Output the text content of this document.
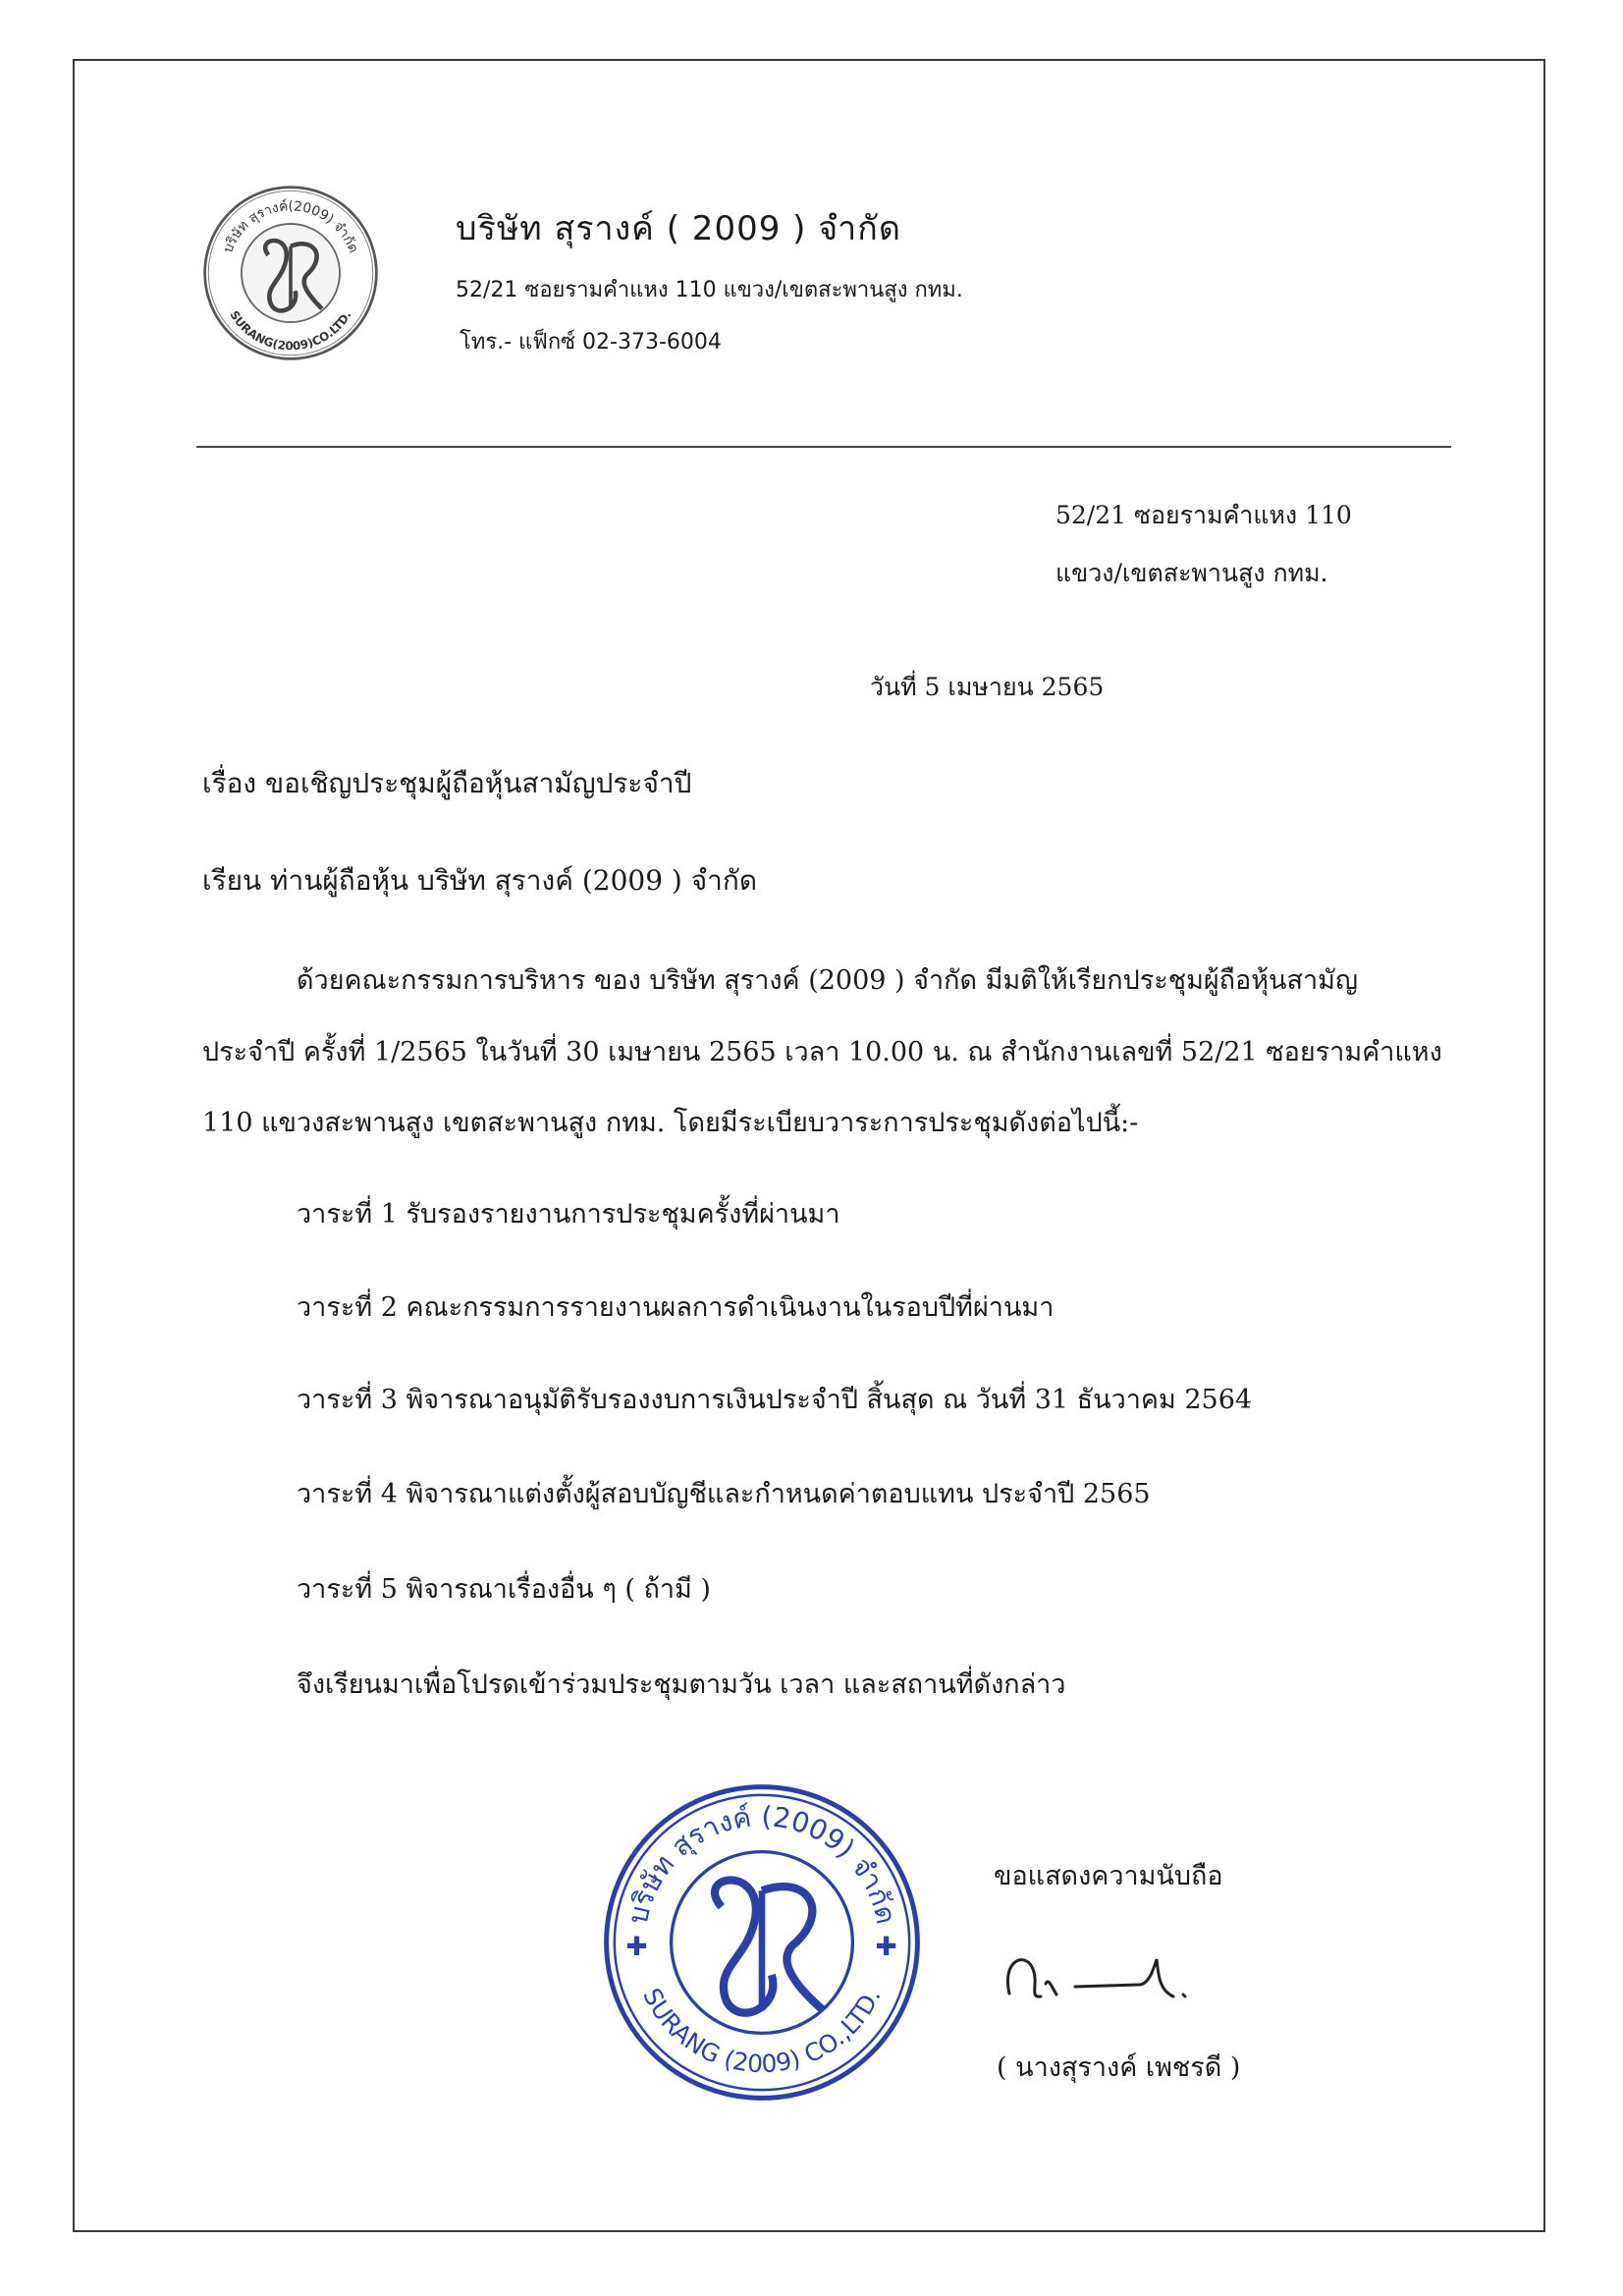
บริษัท สุรางค์(2009) จำกัด
SURANG(2009)CO.LTD.
บริษัท สุรางค์ ( 2009 ) จำกัด
52/21 ซอยรามคำแหง 110 แขวง/เขตสะพานสูง กทม.
โทร.- แฟ็กซ์ 02-373-6004
52/21 ซอยรามคำแหง 110
แขวง/เขตสะพานสูง กทม.
วันที่ 5 เมษายน 2565
เรื่อง ขอเชิญประชุมผู้ถือหุ้นสามัญประจำปี
เรียน ท่านผู้ถือหุ้น บริษัท สุรางค์ (2009 ) จำกัด
ด้วยคณะกรรมการบริหาร ของ บริษัท สุรางค์ (2009 ) จำกัด มีมติให้เรียกประชุมผู้ถือหุ้นสามัญ
ประจำปี ครั้งที่ 1/2565 ในวันที่ 30 เมษายน 2565 เวลา 10.00 น. ณ สำนักงานเลขที่ 52/21 ซอยรามคำแหง
110 แขวงสะพานสูง เขตสะพานสูง กทม. โดยมีระเบียบวาระการประชุมดังต่อไปนี้:-
วาระที่ 1 รับรองรายงานการประชุมครั้งที่ผ่านมา
วาระที่ 2 คณะกรรมการรายงานผลการดำเนินงานในรอบปีที่ผ่านมา
วาระที่ 3 พิจารณาอนุมัติรับรองงบการเงินประจำปี สิ้นสุด ณ วันที่ 31 ธันวาคม 2564
วาระที่ 4 พิจารณาแต่งตั้งผู้สอบบัญชีและกำหนดค่าตอบแทน ประจำปี 2565
วาระที่ 5 พิจารณาเรื่องอื่น ๆ ( ถ้ามี )
จึงเรียนมาเพื่อโปรดเข้าร่วมประชุมตามวัน เวลา และสถานที่ดังกล่าว
บริษัท สุรางค์ (2009) จำกัด
SURANG (2009) CO.,LTD.
✚	✚
ขอแสดงความนับถือ
( นางสุรางค์ เพชรดี )
